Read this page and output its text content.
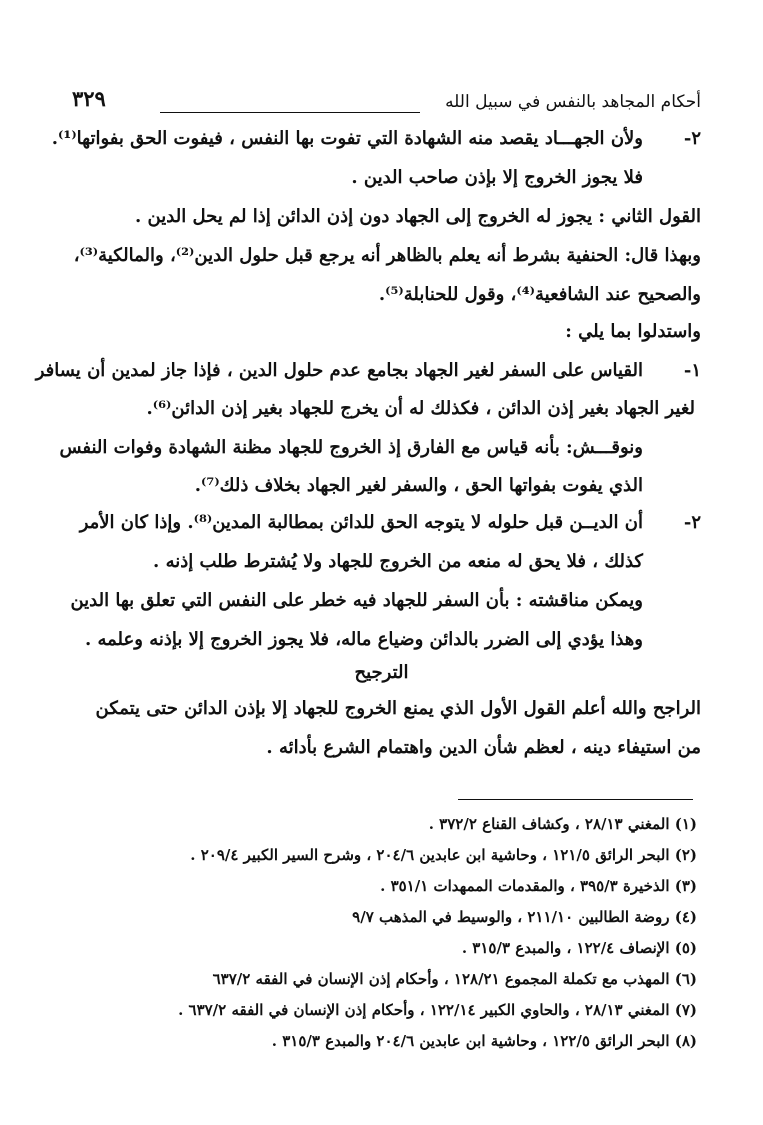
أحكام المجاهد بالنفس في سبيل الله
٣٢٩
٢-
ولأن الجهـــاد يقصد منه الشهادة التي تفوت بها النفس ، فيفوت الحق بفواتها⁽¹⁾.
فلا يجوز الخروج إلا بإذن صاحب الدين .
القول الثاني : يجوز له الخروج إلى الجهاد دون إذن الدائن إذا لم يحل الدين .
وبهذا قال: الحنفية بشرط أنه يعلم بالظاهر أنه يرجع قبل حلول الدين⁽²⁾، والمالكية⁽³⁾،
والصحيح عند الشافعية⁽⁴⁾، وقول للحنابلة⁽⁵⁾.
واستدلوا بما يلي :
١-
القياس على السفر لغير الجهاد بجامع عدم حلول الدين ، فإذا جاز لمدين أن يسافر
لغير الجهاد بغير إذن الدائن ، فكذلك له أن يخرج للجهاد بغير إذن الدائن⁽⁶⁾.
ونوقـــش: بأنه قياس مع الفارق إذ الخروج للجهاد مظنة الشهادة وفوات النفس
الذي يفوت بفواتها الحق ، والسفر لغير الجهاد بخلاف ذلك⁽⁷⁾.
٢-
أن الديــن قبل حلوله لا يتوجه الحق للدائن بمطالبة المدين⁽⁸⁾. وإذا كان الأمر
كذلك ، فلا يحق له منعه من الخروج للجهاد ولا يُشترط طلب إذنه .
ويمكن مناقشته : بأن السفر للجهاد فيه خطر على النفس التي تعلق بها الدين
وهذا يؤدي إلى الضرر بالدائن وضياع ماله، فلا يجوز الخروج إلا بإذنه وعلمه .
الترجيح
الراجح والله أعلم القول الأول الذي يمنع الخروج للجهاد إلا بإذن الدائن حتى يتمكن
من استيفاء دينه ، لعظم شأن الدين واهتمام الشرع بأدائه .
(١) المغني ٢٨/١٣ ، وكشاف القناع ٣٧٢/٢ .
(٢) البحر الرائق ١٢١/٥ ، وحاشية ابن عابدين ٢٠٤/٦ ، وشرح السير الكبير ٢٠٩/٤ .
(٣) الذخيرة ٣٩٥/٣ ، والمقدمات الممهدات ٣٥١/١ .
(٤) روضة الطالبين ٢١١/١٠ ، والوسيط في المذهب ٩/٧
(٥) الإنصاف ١٢٢/٤ ، والمبدع ٣١٥/٣ .
(٦) المهذب مع تكملة المجموع ١٢٨/٢١ ، وأحكام إذن الإنسان في الفقه ٦٣٧/٢
(٧) المغني ٢٨/١٣ ، والحاوي الكبير ١٢٢/١٤ ، وأحكام إذن الإنسان في الفقه ٦٣٧/٢ .
(٨) البحر الرائق ١٢٢/٥ ، وحاشية ابن عابدين ٢٠٤/٦ والمبدع ٣١٥/٣ .
